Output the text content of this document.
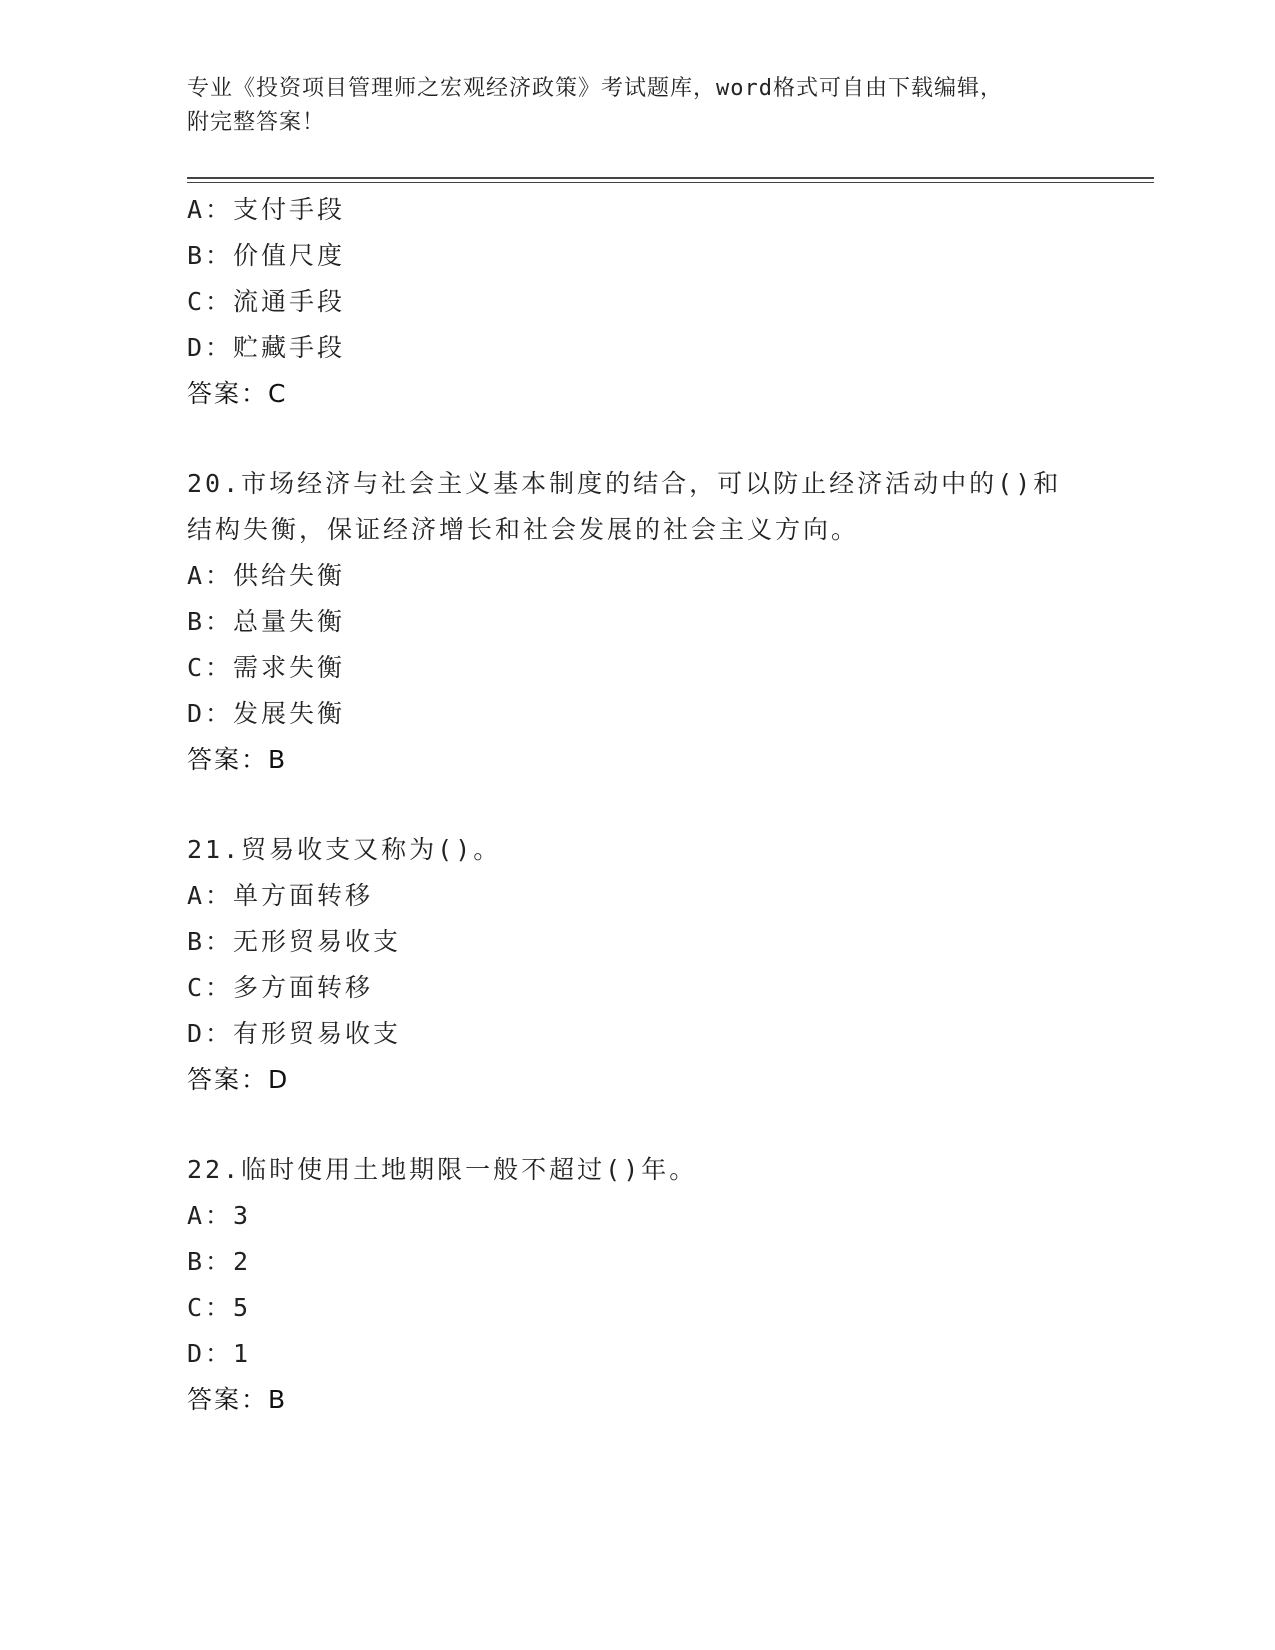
专业《投资项目管理师之宏观经济政策》考试题库，word格式可自由下载编辑，
附完整答案！
A：支付手段
B：价值尺度
C：流通手段
D：贮藏手段
答案：C
20.市场经济与社会主义基本制度的结合，可以防止经济活动中的()和
结构失衡，保证经济增长和社会发展的社会主义方向。
A：供给失衡
B：总量失衡
C：需求失衡
D：发展失衡
答案：B
21.贸易收支又称为()。
A：单方面转移
B：无形贸易收支
C：多方面转移
D：有形贸易收支
答案：D
22.临时使用土地期限一般不超过()年。
A：3
B：2
C：5
D：1
答案：B
